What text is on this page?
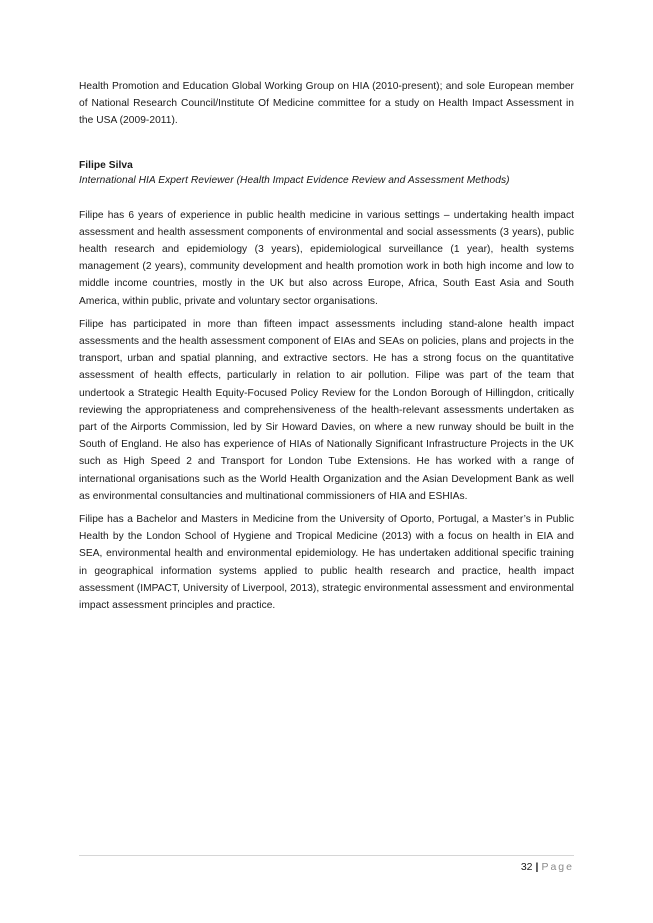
Health Promotion and Education Global Working Group on HIA (2010-present); and sole European member of National Research Council/Institute Of Medicine committee for a study on Health Impact Assessment in the USA (2009-2011).

Filipe Silva

International HIA Expert Reviewer (Health Impact Evidence Review and Assessment Methods)

Filipe has 6 years of experience in public health medicine in various settings – undertaking health impact assessment and health assessment components of environmental and social assessments (3 years), public health research and epidemiology (3 years), epidemiological surveillance (1 year), health systems management (2 years), community development and health promotion work in both high income and low to middle income countries, mostly in the UK but also across Europe, Africa, South East Asia and South America, within public, private and voluntary sector organisations.

Filipe has participated in more than fifteen impact assessments including stand-alone health impact assessments and the health assessment component of EIAs and SEAs on policies, plans and projects in the transport, urban and spatial planning, and extractive sectors. He has a strong focus on the quantitative assessment of health effects, particularly in relation to air pollution. Filipe was part of the team that undertook a Strategic Health Equity-Focused Policy Review for the London Borough of Hillingdon, critically reviewing the appropriateness and comprehensiveness of the health-relevant assessments undertaken as part of the Airports Commission, led by Sir Howard Davies, on where a new runway should be built in the South of England. He also has experience of HIAs of Nationally Significant Infrastructure Projects in the UK such as High Speed 2 and Transport for London Tube Extensions. He has worked with a range of international organisations such as the World Health Organization and the Asian Development Bank as well as environmental consultancies and multinational commissioners of HIA and ESHIAs.

Filipe has a Bachelor and Masters in Medicine from the University of Oporto, Portugal, a Master’s in Public Health by the London School of Hygiene and Tropical Medicine (2013) with a focus on health in EIA and SEA, environmental health and environmental epidemiology. He has undertaken additional specific training in geographical information systems applied to public health research and practice, health impact assessment (IMPACT, University of Liverpool, 2013), strategic environmental assessment and environmental impact assessment principles and practice.

32 | Page
